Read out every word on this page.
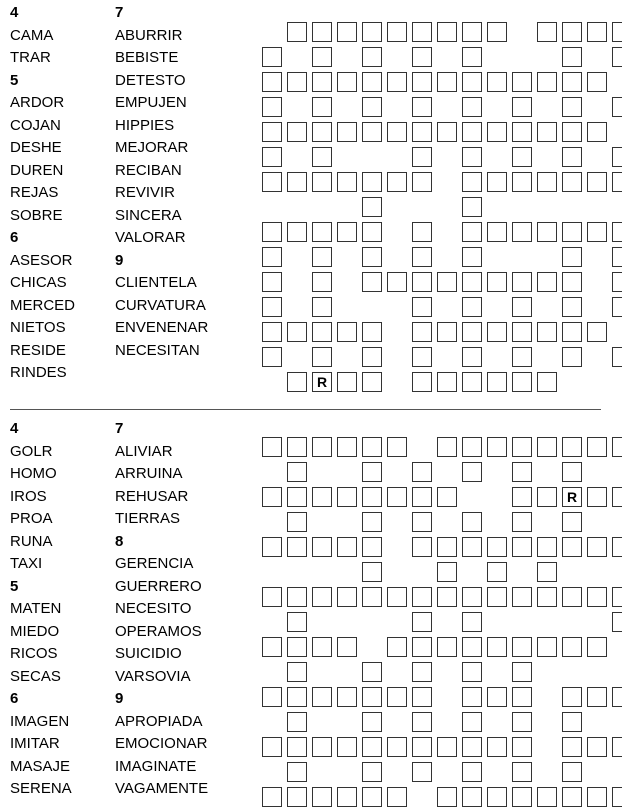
4
CAMA
TRAR
5
ARDOR
COJAN
DESHE
DUREN
REJAS
SOBRE
6
ASESOR
CHICAS
MERCED
NIETOS
RESIDE
RINDES
7
ABURRIR
BEBISTE
DETESTO
EMPUJEN
HIPPIES
MEJORAR
RECIBAN
REVIVIR
SINCERA
VALORAR
9
CLIENTELA
CURVATURA
ENVENENAR
NECESITAN
R
4
GOLR
HOMO
IROS
PROA
RUNA
TAXI
5
MATEN
MIEDO
RICOS
SECAS
6
IMAGEN
IMITAR
MASAJE
SERENA
7
ALIVIAR
ARRUINA
REHUSAR
TIERRAS
8
GERENCIA
GUERRERO
NECESITO
OPERAMOS
SUICIDIO
VARSOVIA
9
APROPIADA
EMOCIONAR
IMAGINATE
VAGAMENTE
R
